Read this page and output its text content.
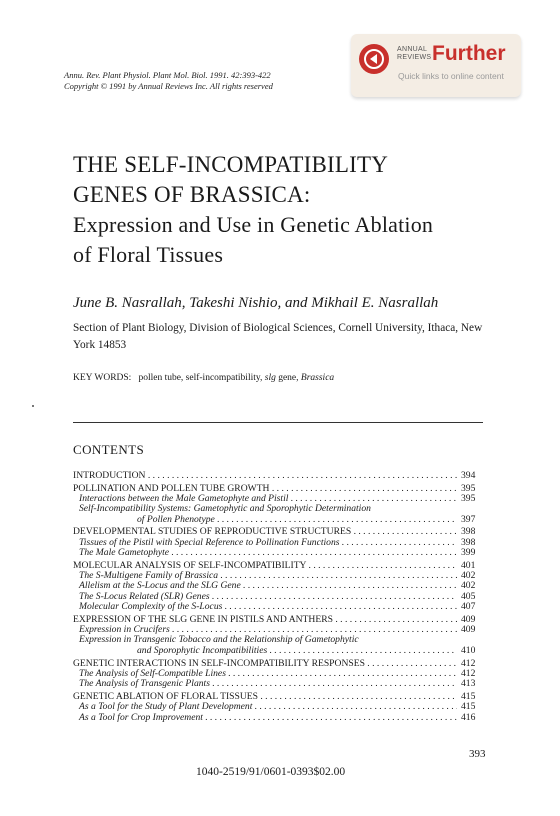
Annu. Rev. Plant Physiol. Plant Mol. Biol. 1991. 42:393-422
Copyright © 1991 by Annual Reviews Inc. All rights reserved
ANNUAL
REVIEWS Further
Quick links to online content
THE SELF-INCOMPATIBILITY
GENES OF BRASSICA:
Expression and Use in Genetic Ablation
of Floral Tissues
June B. Nasrallah, Takeshi Nishio, and Mikhail E. Nasrallah
Section of Plant Biology, Division of Biological Sciences, Cornell University, Ithaca, New York 14853
KEY WORDS: pollen tube, self-incompatibility, slg gene, Brassica
CONTENTS
INTRODUCTION . . .	394
POLLINATION AND POLLEN TUBE GROWTH . . .	395
Interactions between the Male Gametophyte and Pistil . . .	395
Self-Incompatibility Systems: Gametophytic and Sporophytic Determination
of Pollen Phenotype . . .	397
DEVELOPMENTAL STUDIES OF REPRODUCTIVE STRUCTURES . . .	398
Tissues of the Pistil with Special Reference to Pollination Functions . . .	398
The Male Gametophyte . . .	399
MOLECULAR ANALYSIS OF SELF-INCOMPATIBILITY . . .	401
The S-Multigene Family of Brassica . . .	402
Allelism at the S-Locus and the SLG Gene . . .	402
The S-Locus Related (SLR) Genes . . .	405
Molecular Complexity of the S-Locus . . .	407
EXPRESSION OF THE SLG GENE IN PISTILS AND ANTHERS . . .	409
Expression in Crucifers . . .	409
Expression in Transgenic Tobacco and the Relationship of Gametophytic
and Sporophytic Incompatibilities . . .	410
GENETIC INTERACTIONS IN SELF-INCOMPATIBILITY RESPONSES . . .	412
The Analysis of Self-Compatible Lines . . .	412
The Analysis of Transgenic Plants . . .	413
GENETIC ABLATION OF FLORAL TISSUES . . .	415
As a Tool for the Study of Plant Development . . .	415
As a Tool for Crop Improvement . . .	416
393
1040-2519/91/0601-0393$02.00
